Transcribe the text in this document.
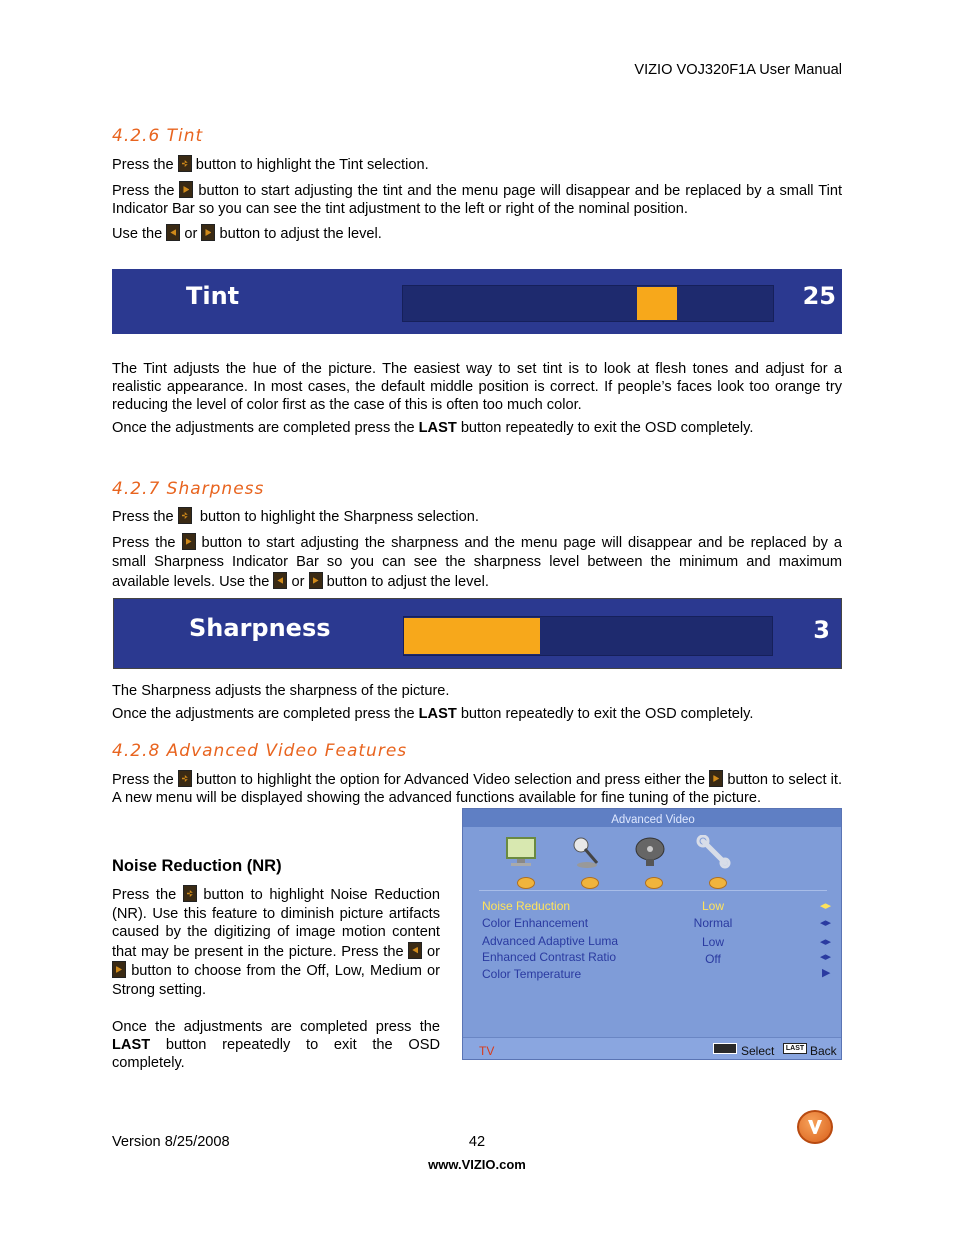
VIZIO VOJ320F1A User Manual
4.2.6 Tint
Press the button to highlight the Tint selection.
Press the button to start adjusting the tint and the menu page will disappear and be replaced by a small Tint Indicator Bar so you can see the tint adjustment to the left or right of the nominal position.
Use the or button to adjust the level.
Tint	25
The Tint adjusts the hue of the picture. The easiest way to set tint is to look at flesh tones and adjust for a realistic appearance. In most cases, the default middle position is correct. If people’s faces look too orange try reducing the level of color first as the case of this is often too much color.
Once the adjustments are completed press the LAST button repeatedly to exit the OSD completely.
4.2.7 Sharpness
Press the button to highlight the Sharpness selection.
Press the button to start adjusting the sharpness and the menu page will disappear and be replaced by a small Sharpness Indicator Bar so you can see the sharpness level between the minimum and maximum available levels. Use the or button to adjust the level.
Sharpness	3
The Sharpness adjusts the sharpness of the picture.
Once the adjustments are completed press the LAST button repeatedly to exit the OSD completely.
4.2.8 Advanced Video Features
Press the button to highlight the option for Advanced Video selection and press either the button to select it. A new menu will be displayed showing the advanced functions available for fine tuning of the picture.
Noise Reduction (NR)
Press the button to highlight Noise Reduction (NR). Use this feature to diminish picture artifacts caused by the digitizing of image motion content that may be present in the picture. Press the or  button to choose from the Off, Low, Medium or Strong setting.
Once the adjustments are completed press the LAST button repeatedly to exit the OSD completely.
Advanced Video
Noise Reduction	Low	◂▸
Color Enhancement	Normal	◂▸
Advanced Adaptive Luma	Low	◂▸
Enhanced Contrast Ratio	Off	◂▸
Color Temperature	▶
TV	Select	LAST Back
Version 8/25/2008	42
www.VIZIO.com
